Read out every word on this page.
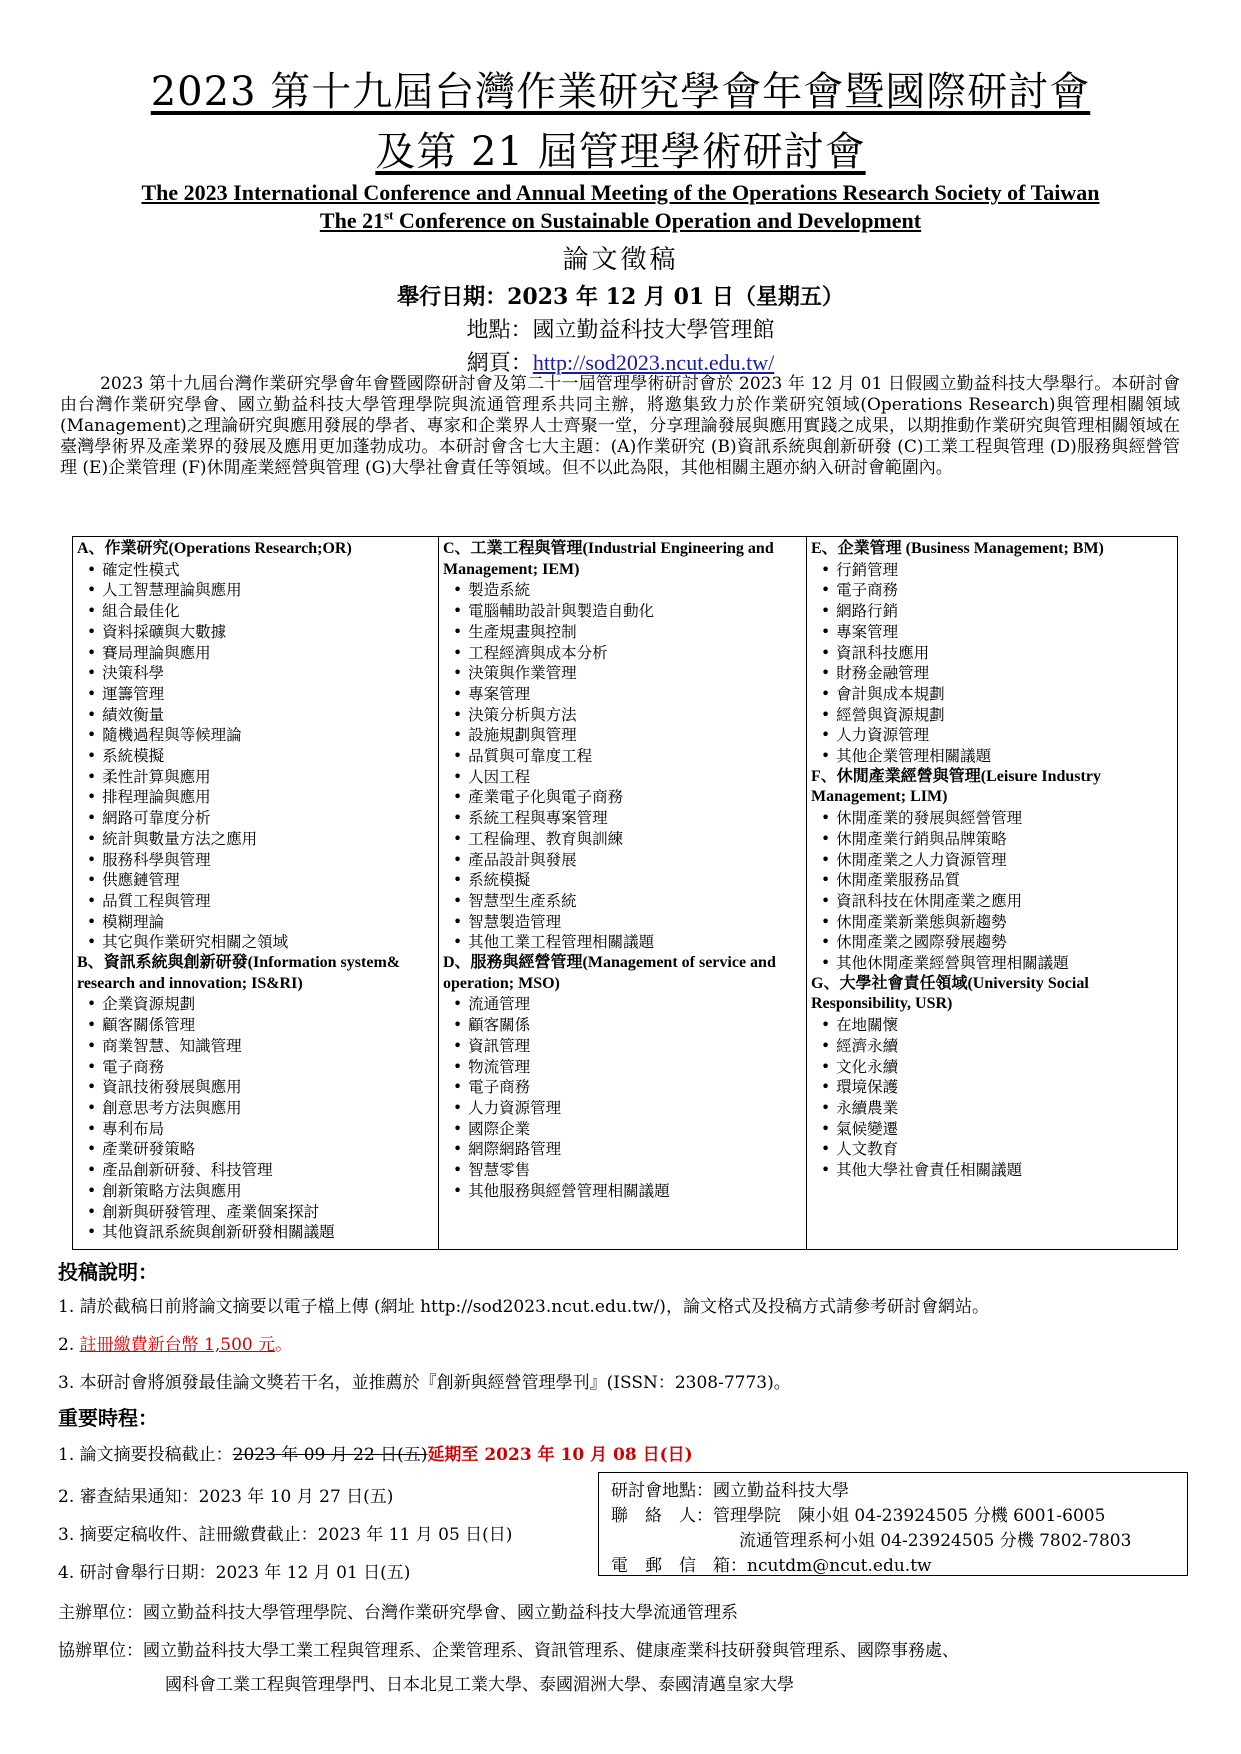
2023 第十九屆台灣作業研究學會年會暨國際研討會
及第 21 屆管理學術研討會
The 2023 International Conference and Annual Meeting of the Operations Research Society of Taiwan
The 21st Conference on Sustainable Operation and Development
論文徵稿
舉行日期：2023 年 12 月 01 日（星期五）
地點：國立勤益科技大學管理館
網頁：http://sod2023.ncut.edu.tw/
2023 第十九屆台灣作業研究學會年會暨國際研討會及第二十一屆管理學術研討會於 2023 年 12 月 01 日假國立勤益科技大學舉行。本研討會由台灣作業研究學會、國立勤益科技大學管理學院與流通管理系共同主辦，將邀集致力於作業研究領域(Operations Research)與管理相關領域(Management)之理論研究與應用發展的學者、專家和企業界人士齊聚一堂，分享理論發展與應用實踐之成果，以期推動作業研究與管理相關領域在臺灣學術界及產業界的發展及應用更加蓬勃成功。本研討會含七大主題：(A)作業研究 (B)資訊系統與創新研發 (C)工業工程與管理 (D)服務與經營管理 (E)企業管理 (F)休閒產業經營與管理 (G)大學社會責任等領域。但不以此為限，其他相關主題亦納入研討會範圍內。
A、作業研究(Operations Research;OR)
• 確定性模式
• 人工智慧理論與應用
• 組合最佳化
• 資料採礦與大數據
• 賽局理論與應用
• 決策科學
• 運籌管理
• 績效衡量
• 隨機過程與等候理論
• 系統模擬
• 柔性計算與應用
• 排程理論與應用
• 網路可靠度分析
• 統計與數量方法之應用
• 服務科學與管理
• 供應鏈管理
• 品質工程與管理
• 模糊理論
• 其它與作業研究相關之領域
B、資訊系統與創新研發(Information system& research and innovation; IS&RI)
• 企業資源規劃
• 顧客關係管理
• 商業智慧、知識管理
• 電子商務
• 資訊技術發展與應用
• 創意思考方法與應用
• 專利布局
• 產業研發策略
• 產品創新研發、科技管理
• 創新策略方法與應用
• 創新與研發管理、產業個案探討
• 其他資訊系統與創新研發相關議題
C、工業工程與管理(Industrial Engineering and Management; IEM)
• 製造系統
• 電腦輔助設計與製造自動化
• 生產規畫與控制
• 工程經濟與成本分析
• 決策與作業管理
• 專案管理
• 決策分析與方法
• 設施規劃與管理
• 品質與可靠度工程
• 人因工程
• 產業電子化與電子商務
• 系統工程與專案管理
• 工程倫理、教育與訓練
• 產品設計與發展
• 系統模擬
• 智慧型生產系統
• 智慧製造管理
• 其他工業工程管理相關議題
D、服務與經營管理(Management of service and operation; MSO)
• 流通管理
• 顧客關係
• 資訊管理
• 物流管理
• 電子商務
• 人力資源管理
• 國際企業
• 網際網路管理
• 智慧零售
• 其他服務與經營管理相關議題
E、企業管理 (Business Management; BM)
• 行銷管理
• 電子商務
• 網路行銷
• 專案管理
• 資訊科技應用
• 財務金融管理
• 會計與成本規劃
• 經營與資源規劃
• 人力資源管理
• 其他企業管理相關議題
F、休閒產業經營與管理(Leisure Industry Management; LIM)
• 休閒產業的發展與經營管理
• 休閒產業行銷與品牌策略
• 休閒產業之人力資源管理
• 休閒產業服務品質
• 資訊科技在休閒產業之應用
• 休閒產業新業態與新趨勢
• 休閒產業之國際發展趨勢
• 其他休閒產業經營與管理相關議題
G、大學社會責任領域(University Social Responsibility, USR)
• 在地關懷
• 經濟永續
• 文化永續
• 環境保護
• 永續農業
• 氣候變遷
• 人文教育
• 其他大學社會責任相關議題
投稿說明：
1. 請於截稿日前將論文摘要以電子檔上傳 (網址 http://sod2023.ncut.edu.tw/)，論文格式及投稿方式請參考研討會網站。
2. 註冊繳費新台幣 1,500 元。
3. 本研討會將頒發最佳論文獎若干名，並推薦於『創新與經營管理學刊』(ISSN：2308-7773)。
重要時程：
1. 論文摘要投稿截止：2023 年 09 月 22 日(五)延期至 2023 年 10 月 08 日(日)
2. 審查結果通知：2023 年 10 月 27 日(五)
3. 摘要定稿收件、註冊繳費截止：2023 年 11 月 05 日(日)
4. 研討會舉行日期：2023 年 12 月 01 日(五)
研討會地點：國立勤益科技大學
聯　絡　人：管理學院　陳小姐 04-23924505 分機 6001-6005
流通管理系柯小姐 04-23924505 分機 7802-7803
電　郵　信　箱：ncutdm@ncut.edu.tw
主辦單位：國立勤益科技大學管理學院、台灣作業研究學會、國立勤益科技大學流通管理系
協辦單位：國立勤益科技大學工業工程與管理系、企業管理系、資訊管理系、健康產業科技研發與管理系、國際事務處、
國科會工業工程與管理學門、日本北見工業大學、泰國湄洲大學、泰國清邁皇家大學
